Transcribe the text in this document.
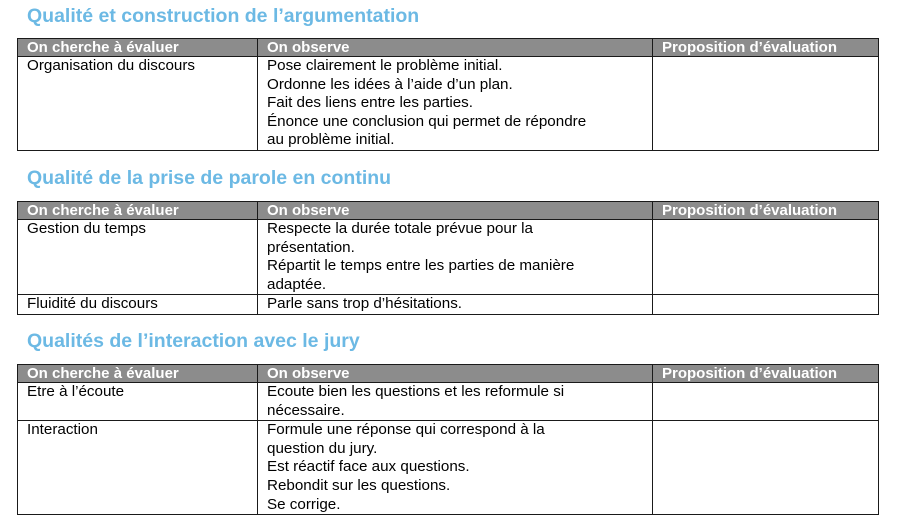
Qualité et construction de l’argumentation
On cherche à évaluer	On observe	Proposition d’évaluation
Organisation du discours	Pose clairement le problème initial.
Ordonne les idées à l’aide d’un plan.
Fait des liens entre les parties.
Énonce une conclusion qui permet de répondre
au problème initial.	

Qualité de la prise de parole en continu
On cherche à évaluer	On observe	Proposition d’évaluation
Gestion du temps	Respecte la durée totale prévue pour la
présentation.
Répartit le temps entre les parties de manière
adaptée.	

Fluidité du discours	Parle sans trop d’hésitations.	

Qualités de l’interaction avec le jury
On cherche à évaluer	On observe	Proposition d’évaluation
Etre à l’écoute	Ecoute bien les questions et les reformule si
nécessaire.	

Interaction	Formule une réponse qui correspond à la
question du jury.
Est réactif face aux questions.
Rebondit sur les questions.
Se corrige.	
